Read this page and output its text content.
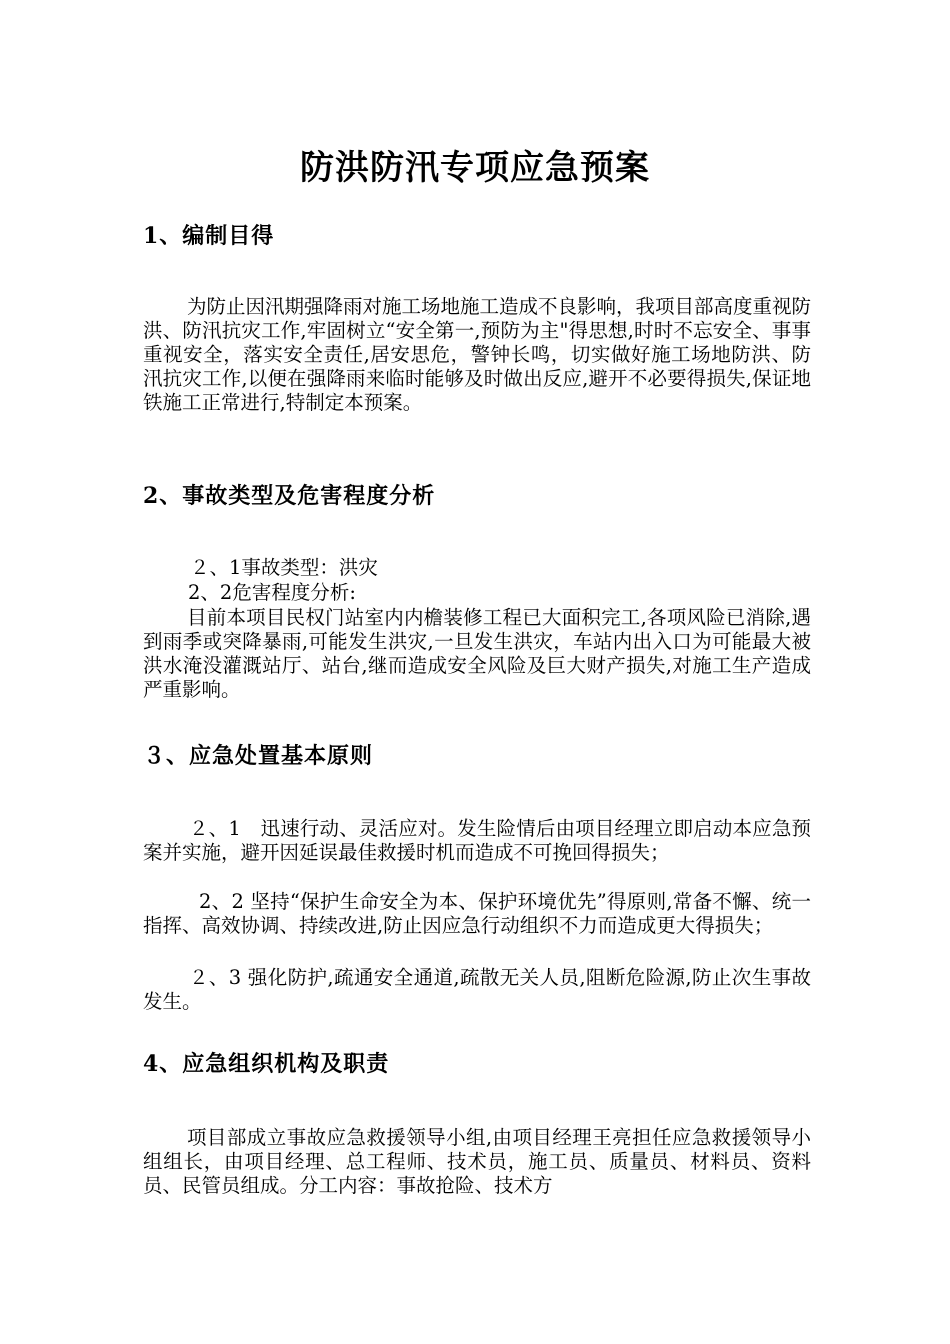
防洪防汛专项应急预案
1、编制目得
为防止因汛期强降雨对施工场地施工造成不良影响，我项目部高度重视防洪、防汛抗灾工作,牢固树立“安全第一,预防为主"得思想,时时不忘安全、事事重视安全，落实安全责任,居安思危，警钟长鸣，切实做好施工场地防洪、防汛抗灾工作,以便在强降雨来临时能够及时做出反应,避开不必要得损失,保证地铁施工正常进行,特制定本预案。
2、事故类型及危害程度分析
２、1事故类型：洪灾
2、2危害程度分析:
目前本项目民权门站室内内檐装修工程已大面积完工,各项风险已消除,遇到雨季或突降暴雨,可能发生洪灾,一旦发生洪灾，车站内出入口为可能最大被洪水淹没灌溉站厅、站台,继而造成安全风险及巨大财产损失,对施工生产造成严重影响。
３、应急处置基本原则
２、1　迅速行动、灵活应对。发生险情后由项目经理立即启动本应急预案并实施，避开因延误最佳救援时机而造成不可挽回得损失；
2、2 坚持“保护生命安全为本、保护环境优先”得原则,常备不懈、统一指挥、高效协调、持续改进,防止因应急行动组织不力而造成更大得损失；
２、3 强化防护,疏通安全通道,疏散无关人员,阻断危险源,防止次生事故发生。
4、应急组织机构及职责
项目部成立事故应急救援领导小组,由项目经理王亮担任应急救援领导小组组长，由项目经理、总工程师、技术员，施工员、质量员、材料员、资料员、民管员组成。分工内容：事故抢险、技术方
